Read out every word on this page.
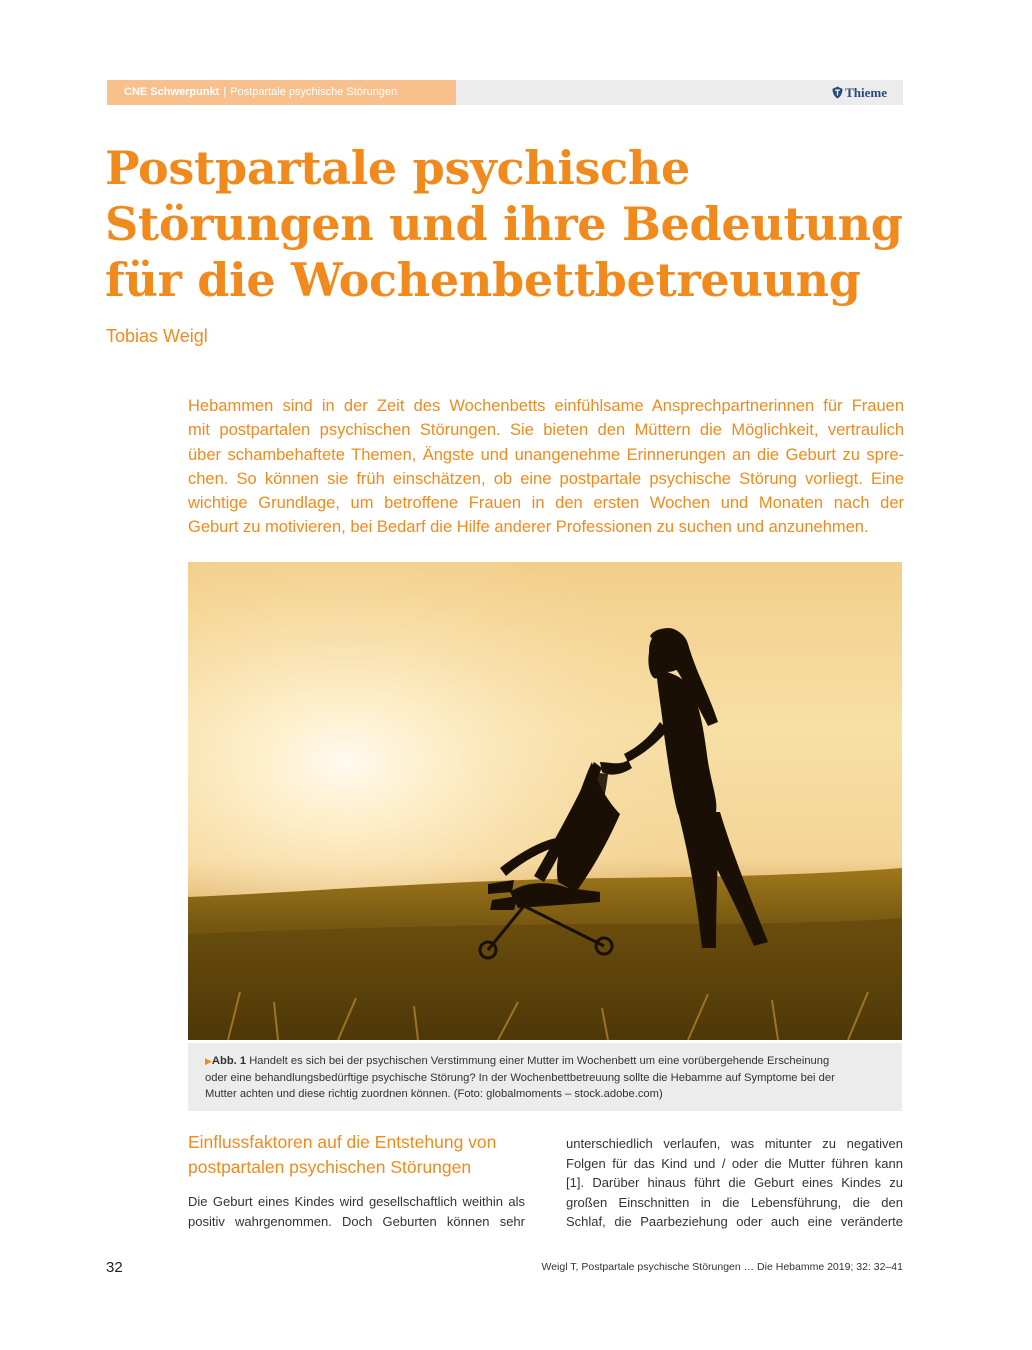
CNE Schwerpunkt | Postpartale psychische Störungen	Thieme
Postpartale psychische
Störungen und ihre Bedeutung
für die Wochenbettbetreuung
Tobias Weigl

Hebammen sind in der Zeit des Wochenbetts einfühlsame Ansprechpartnerinnen für Frauen
mit postpartalen psychischen Störungen. Sie bieten den Müttern die Möglichkeit, vertraulich
über schambehaftete Themen, Ängste und unangenehme Erinnerungen an die Geburt zu spre-
chen. So können sie früh einschätzen, ob eine postpartale psychische Störung vorliegt. Eine
wichtige Grundlage, um betroffene Frauen in den ersten Wochen und Monaten nach der
Geburt zu motivieren, bei Bedarf die Hilfe anderer Professionen zu suchen und anzunehmen.

▶Abb. 1 Handelt es sich bei der psychischen Verstimmung einer Mutter im Wochenbett um eine vorübergehende Erscheinung
oder eine behandlungsbedürftige psychische Störung? In der Wochenbettbetreuung sollte die Hebamme auf Symptome bei der
Mutter achten und diese richtig zuordnen können. (Foto: globalmoments – stock.adobe.com)
Einflussfaktoren auf die Entstehung von
postpartalen psychischen Störungen

Die Geburt eines Kindes wird gesellschaftlich weithin als
positiv wahrgenommen. Doch Geburten können sehr

unterschiedlich verlaufen, was mitunter zu negativen
Folgen für das Kind und / oder die Mutter führen kann
[1]. Darüber hinaus führt die Geburt eines Kindes zu
großen Einschnitten in die Lebensführung, die den
Schlaf, die Paarbeziehung oder auch eine veränderte

32	Weigl T, Postpartale psychische Störungen … Die Hebamme 2019; 32: 32–41
